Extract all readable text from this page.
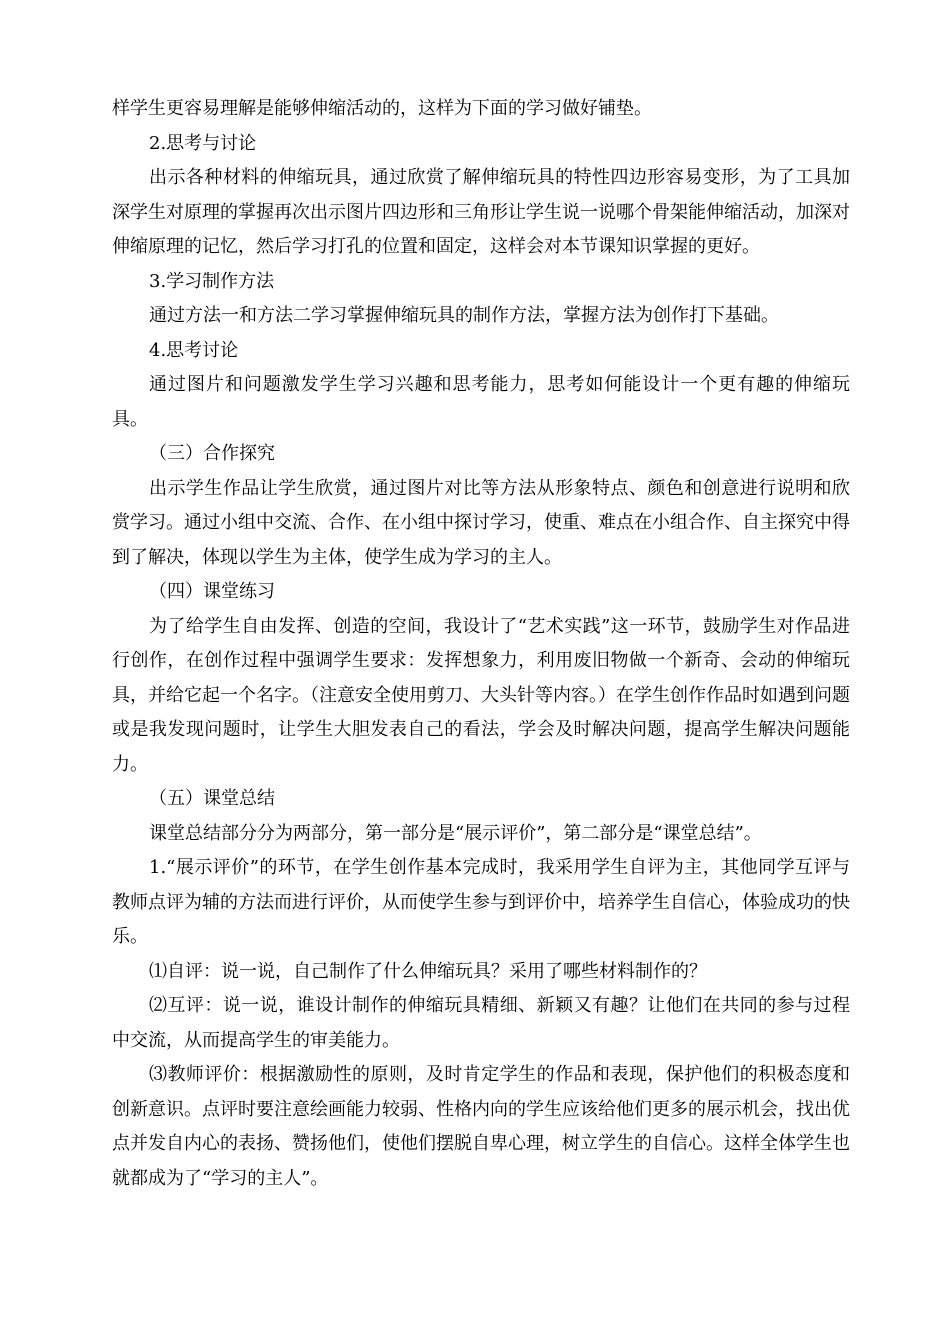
样学生更容易理解是能够伸缩活动的，这样为下面的学习做好铺垫。

2.思考与讨论

出示各种材料的伸缩玩具，通过欣赏了解伸缩玩具的特性四边形容易变形，为了工具加深学生对原理的掌握再次出示图片四边形和三角形让学生说一说哪个骨架能伸缩活动，加深对伸缩原理的记忆，然后学习打孔的位置和固定，这样会对本节课知识掌握的更好。

3.学习制作方法

通过方法一和方法二学习掌握伸缩玩具的制作方法，掌握方法为创作打下基础。

4.思考讨论

通过图片和问题激发学生学习兴趣和思考能力，思考如何能设计一个更有趣的伸缩玩具。

（三）合作探究

出示学生作品让学生欣赏，通过图片对比等方法从形象特点、颜色和创意进行说明和欣赏学习。通过小组中交流、合作、在小组中探讨学习，使重、难点在小组合作、自主探究中得到了解决，体现以学生为主体，使学生成为学习的主人。

（四）课堂练习

为了给学生自由发挥、创造的空间，我设计了“艺术实践”这一环节，鼓励学生对作品进行创作，在创作过程中强调学生要求：发挥想象力，利用废旧物做一个新奇、会动的伸缩玩具，并给它起一个名字。（注意安全使用剪刀、大头针等内容。）在学生创作作品时如遇到问题或是我发现问题时，让学生大胆发表自己的看法，学会及时解决问题，提高学生解决问题能力。

（五）课堂总结

课堂总结部分分为两部分，第一部分是“展示评价”，第二部分是“课堂总结”。

1.“展示评价”的环节，在学生创作基本完成时，我采用学生自评为主，其他同学互评与教师点评为辅的方法而进行评价，从而使学生参与到评价中，培养学生自信心，体验成功的快乐。

⑴自评：说一说，自己制作了什么伸缩玩具？采用了哪些材料制作的？

⑵互评：说一说，谁设计制作的伸缩玩具精细、新颖又有趣？让他们在共同的参与过程中交流，从而提高学生的审美能力。

⑶教师评价：根据激励性的原则，及时肯定学生的作品和表现，保护他们的积极态度和创新意识。点评时要注意绘画能力较弱、性格内向的学生应该给他们更多的展示机会，找出优点并发自内心的表扬、赞扬他们，使他们摆脱自卑心理，树立学生的自信心。这样全体学生也就都成为了“学习的主人”。
